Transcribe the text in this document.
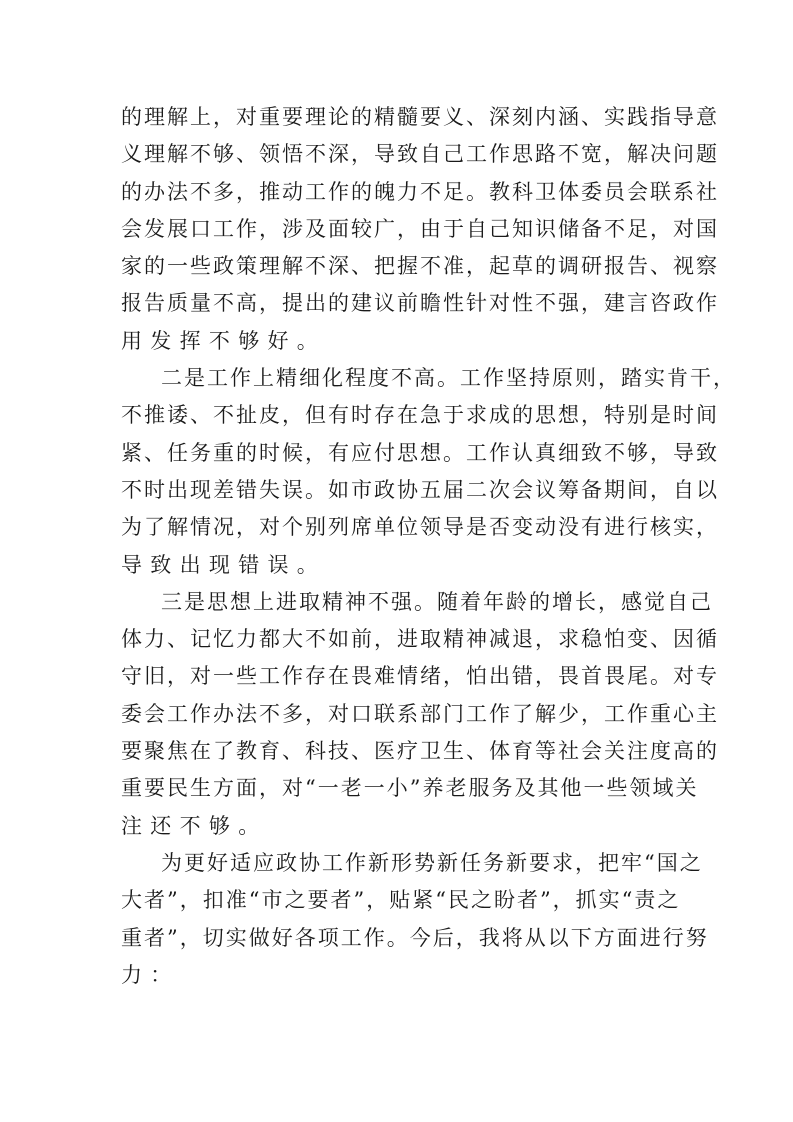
的理解上，对重要理论的精髓要义、深刻内涵、实践指导意
义理解不够、领悟不深，导致自己工作思路不宽，解决问题
的办法不多，推动工作的魄力不足。教科卫体委员会联系社
会发展口工作，涉及面较广，由于自己知识储备不足，对国
家的一些政策理解不深、把握不准，起草的调研报告、视察
报告质量不高，提出的建议前瞻性针对性不强，建言咨政作
用发挥不够好。
二是工作上精细化程度不高。工作坚持原则，踏实肯干，
不推诿、不扯皮，但有时存在急于求成的思想，特别是时间
紧、任务重的时候，有应付思想。工作认真细致不够，导致
不时出现差错失误。如市政协五届二次会议筹备期间，自以
为了解情况，对个别列席单位领导是否变动没有进行核实，
导致出现错误。
三是思想上进取精神不强。随着年龄的增长，感觉自己
体力、记忆力都大不如前，进取精神减退，求稳怕变、因循
守旧，对一些工作存在畏难情绪，怕出错，畏首畏尾。对专
委会工作办法不多，对口联系部门工作了解少，工作重心主
要聚焦在了教育、科技、医疗卫生、体育等社会关注度高的
重要民生方面，对“一老一小”养老服务及其他一些领域关
注还不够。
为更好适应政协工作新形势新任务新要求，把牢“国之
大者”，扣准“市之要者”，贴紧“民之盼者”，抓实“责之
重者”，切实做好各项工作。今后，我将从以下方面进行努
力：
